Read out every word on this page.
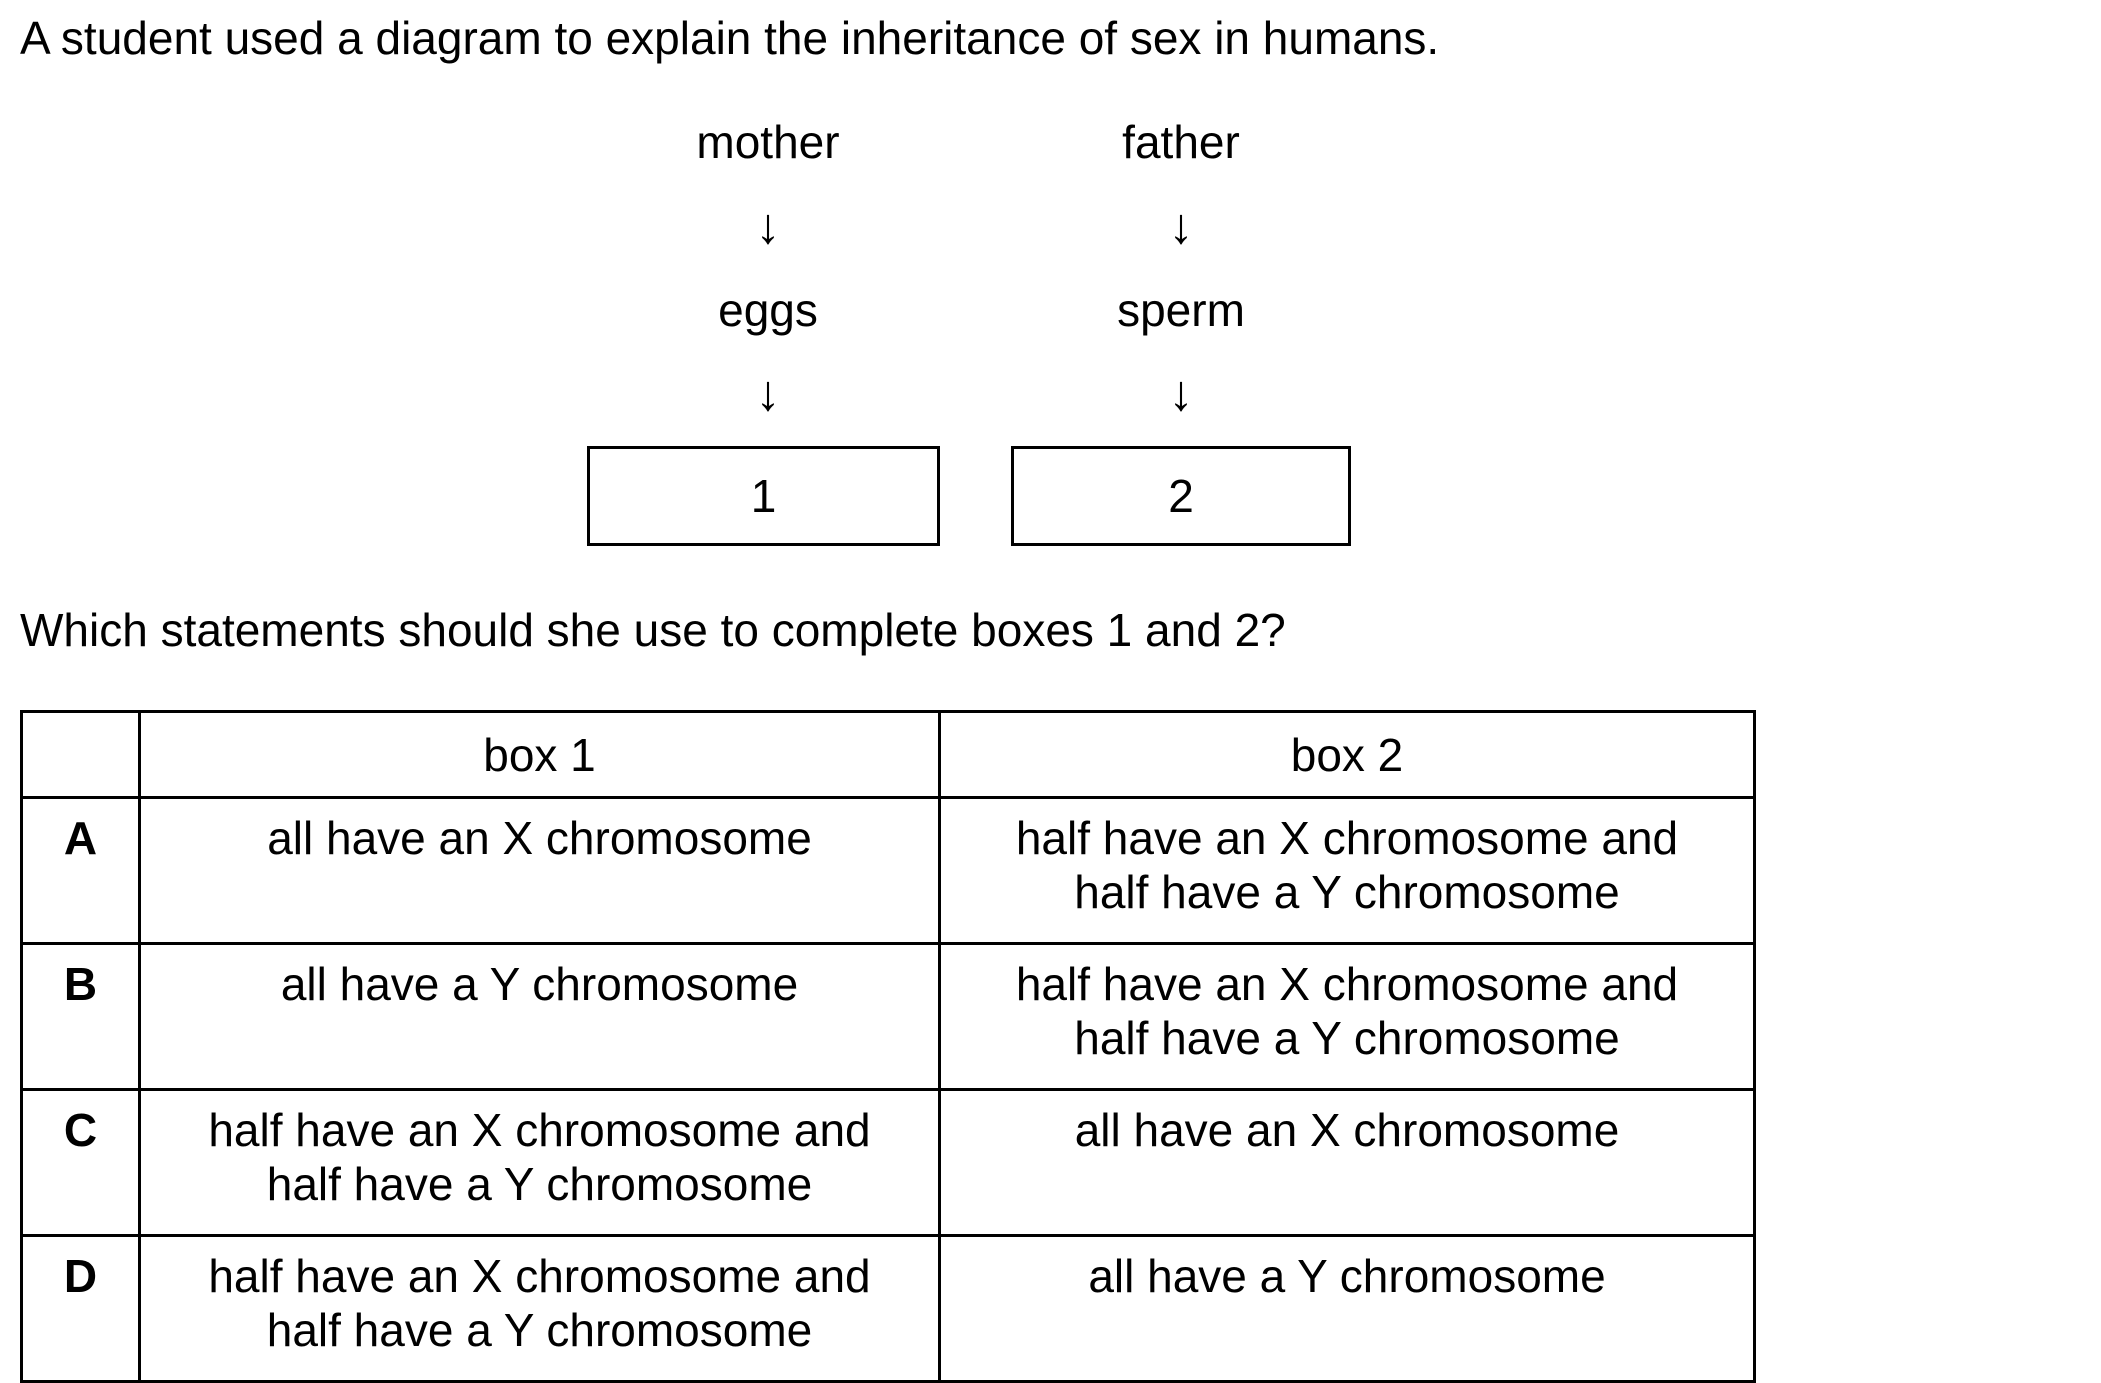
A student used a diagram to explain the inheritance of sex in humans.
mother
↓
eggs
↓
1
father
↓
sperm
↓
2
Which statements should she use to complete boxes 1 and 2?
	box 1	box 2
A	all have an X chromosome	half have an X chromosome and
half have a Y chromosome

B	all have a Y chromosome	half have an X chromosome and
half have a Y chromosome

C	half have an X chromosome and
half have a Y chromosome	all have an X chromosome

D	half have an X chromosome and
half have a Y chromosome	all have a Y chromosome
